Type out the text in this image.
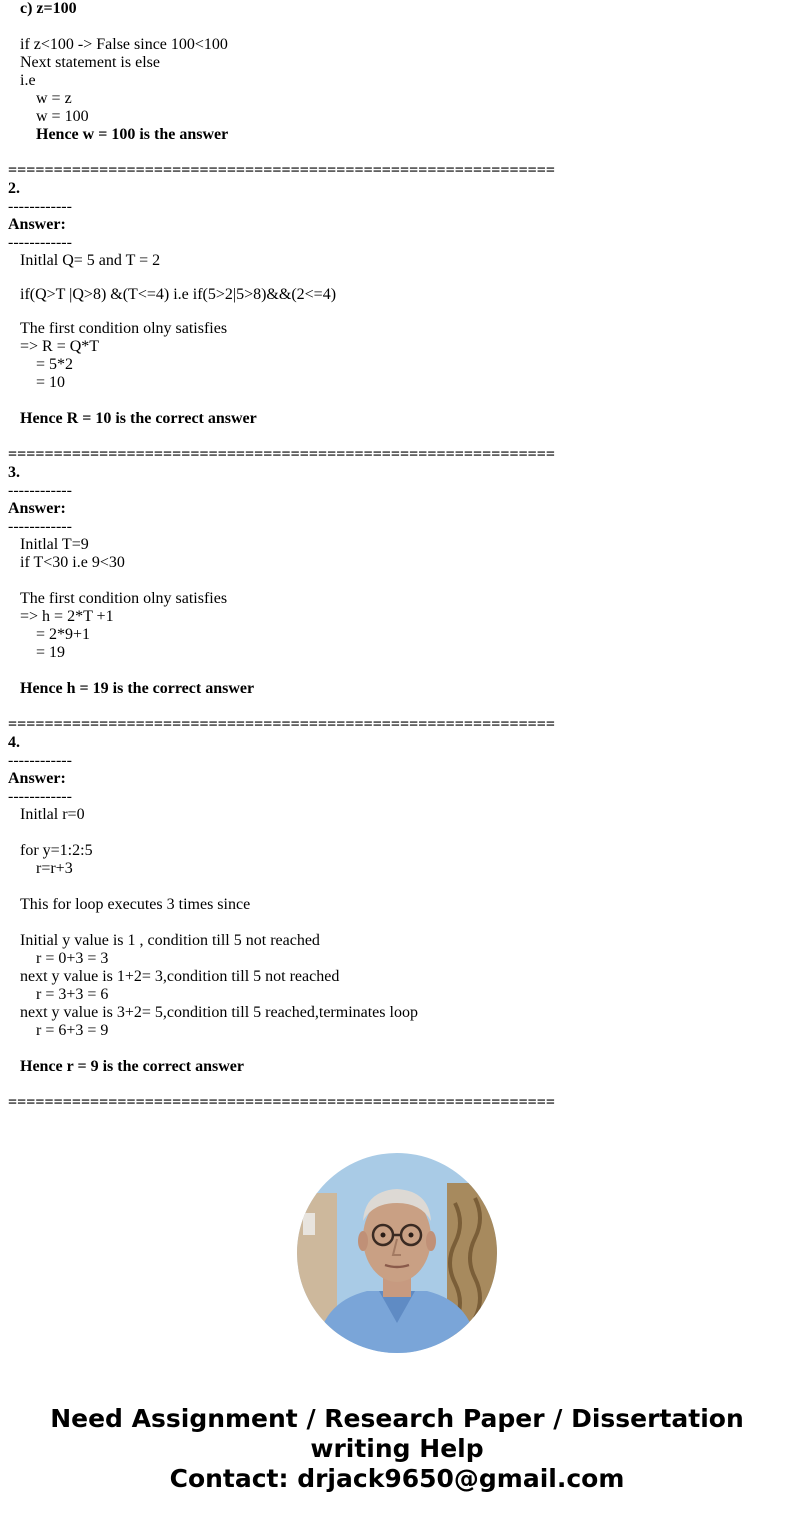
c) z=100
if z<100 -> False since 100<100
Next statement is else
i.e
w = z
w = 100
Hence w = 100 is the answer
============================================================
2.
------------
Answer:
------------
Initlal Q= 5 and T = 2
if(Q>T |Q>8) &(T<=4) i.e if(5>2|5>8)&&(2<=4)
The first condition olny satisfies
=> R = Q*T
= 5*2
= 10
Hence R = 10 is the correct answer
============================================================
3.
------------
Answer:
------------
Initlal T=9
if T<30 i.e 9<30
The first condition olny satisfies
=> h = 2*T +1
= 2*9+1
= 19
Hence h = 19 is the correct answer
============================================================
4.
------------
Answer:
------------
Initlal r=0
for y=1:2:5
r=r+3
This for loop executes 3 times since
Initial y value is 1 , condition till 5 not reached
r = 0+3 = 3
next y value is 1+2= 3,condition till 5 not reached
r = 3+3 = 6
next y value is 3+2= 5,condition till 5 reached,terminates loop
r = 6+3 = 9
Hence r = 9 is the correct answer
============================================================
Need Assignment / Research Paper / Dissertation
writing Help
Contact: drjack9650@gmail.com
